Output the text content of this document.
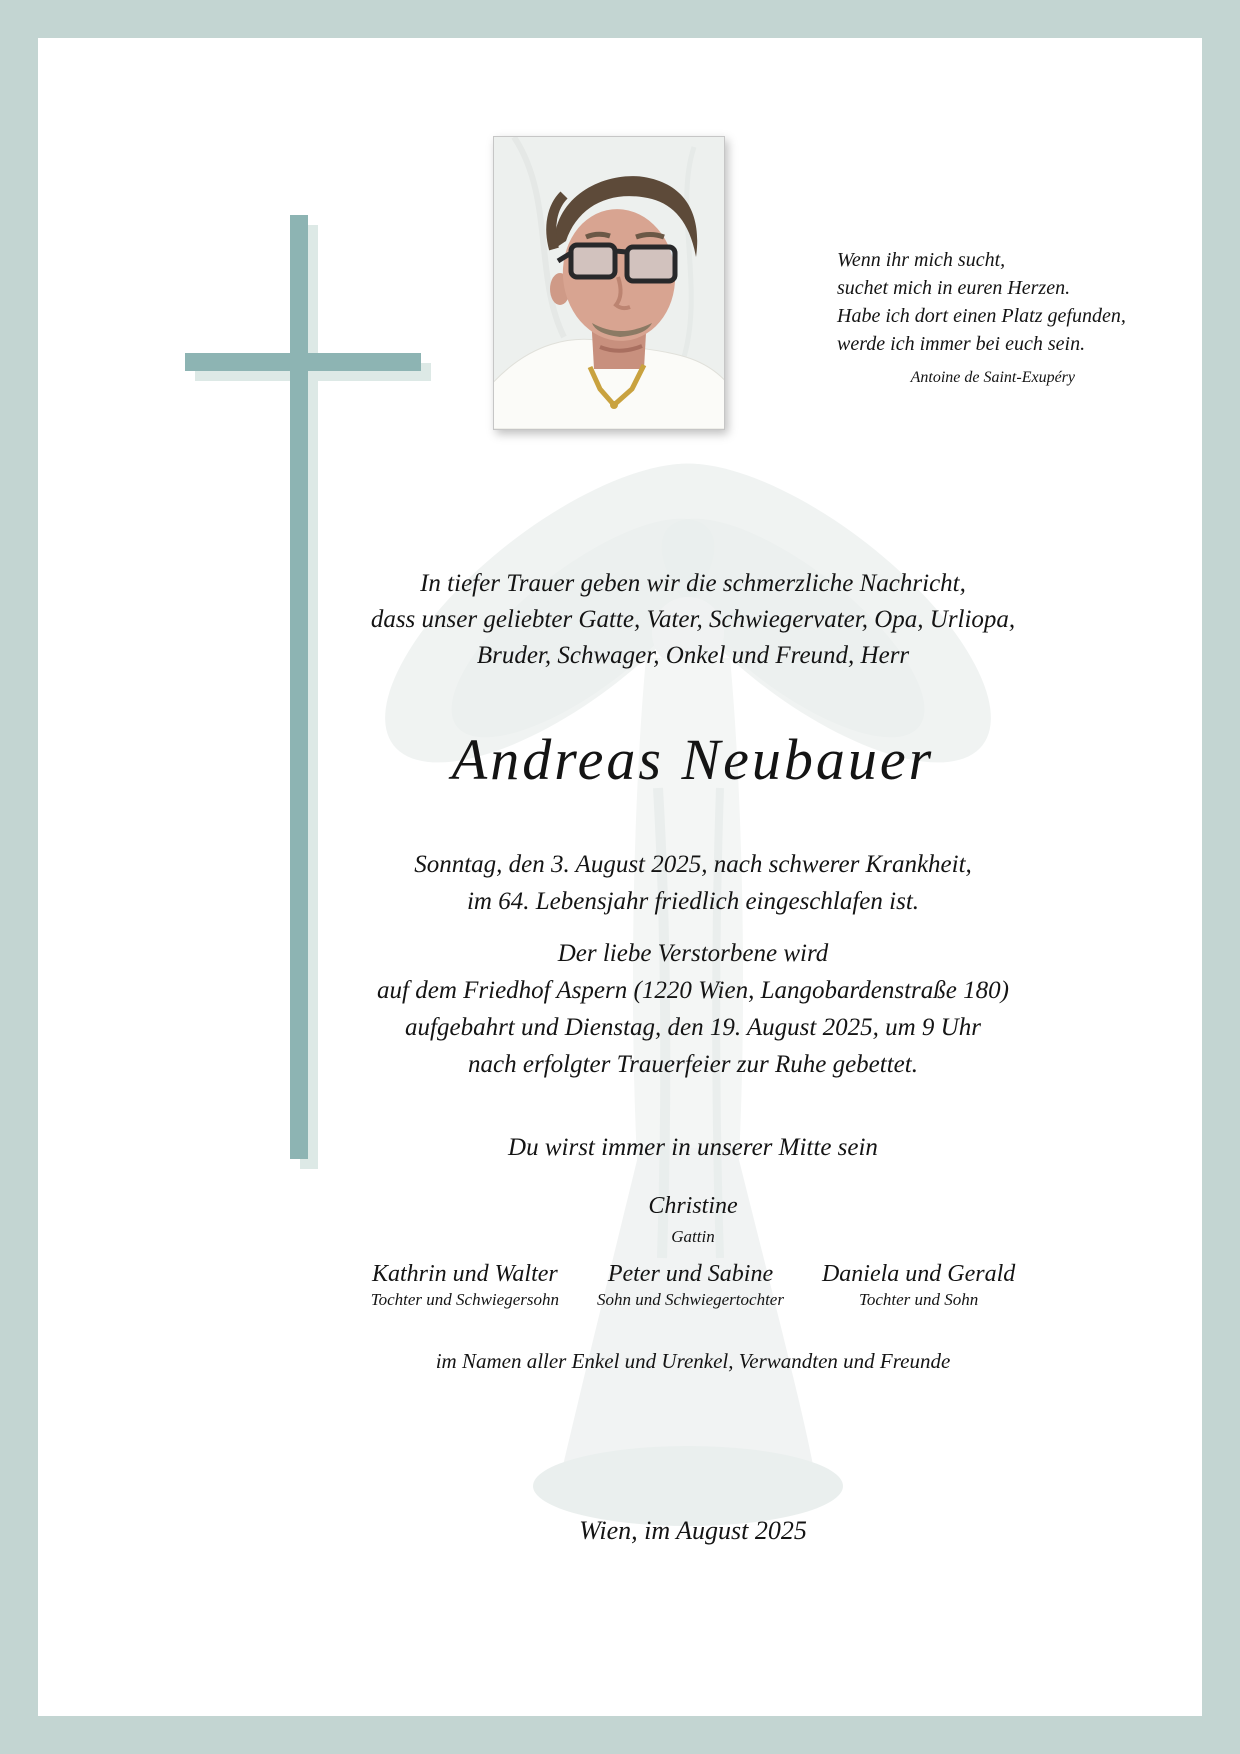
Wenn ihr mich sucht,
suchet mich in euren Herzen.
Habe ich dort einen Platz gefunden,
werde ich immer bei euch sein.
Antoine de Saint-Exupéry
In tiefer Trauer geben wir die schmerzliche Nachricht,
dass unser geliebter Gatte, Vater, Schwiegervater, Opa, Urliopa,
Bruder, Schwager, Onkel und Freund, Herr
Andreas Neubauer
Sonntag, den 3. August 2025, nach schwerer Krankheit,
im 64. Lebensjahr friedlich eingeschlafen ist.
Der liebe Verstorbene wird
auf dem Friedhof Aspern (1220 Wien, Langobardenstraße 180)
aufgebahrt und Dienstag, den 19. August 2025, um 9 Uhr
nach erfolgter Trauerfeier zur Ruhe gebettet.
Du wirst immer in unserer Mitte sein
Christine
Gattin
Kathrin und Walter
Tochter und Schwiegersohn
Peter und Sabine
Sohn und Schwiegertochter
Daniela und Gerald
Tochter und Sohn
im Namen aller Enkel und Urenkel, Verwandten und Freunde
Wien, im August 2025
BESTATTUNG WIEN • WWW.TRAUERPORTAL.AT
